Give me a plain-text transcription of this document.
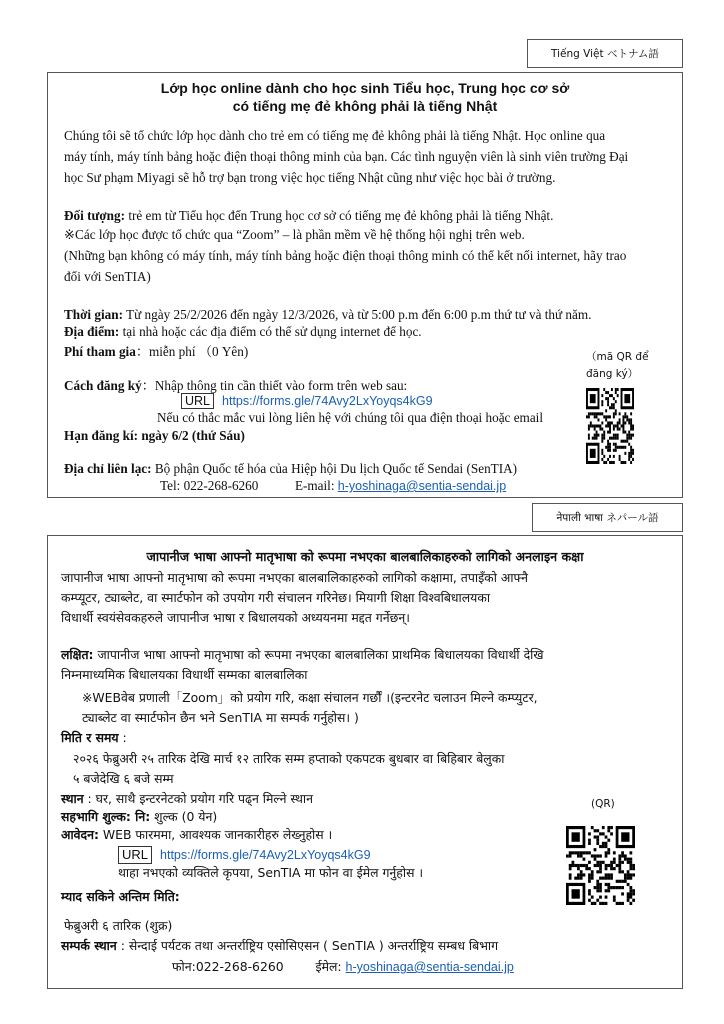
Tiếng Việt ベトナム語
Lớp học online dành cho học sinh Tiểu học, Trung học cơ sở
có tiếng mẹ đẻ không phải là tiếng Nhật
Chúng tôi sẽ tổ chức lớp học dành cho trẻ em có tiếng mẹ đẻ không phải là tiếng Nhật. Học online qua
máy tính, máy tính bảng hoặc điện thoại thông minh của bạn. Các tình nguyện viên là sinh viên trường Đại
học Sư phạm Miyagi sẽ hỗ trợ bạn trong việc học tiếng Nhật cũng như việc học bài ở trường.
Đối tượng: trẻ em từ Tiểu học đến Trung học cơ sở có tiếng mẹ đẻ không phải là tiếng Nhật.
※Các lớp học được tổ chức qua “Zoom” – là phần mềm về hệ thống hội nghị trên web.
(Những bạn không có máy tính, máy tính bảng hoặc điện thoại thông minh có thể kết nối internet, hãy trao
đổi với SenTIA)
Thời gian: Từ ngày 25/2/2026 đến ngày 12/3/2026, và từ 5:00 p.m đến 6:00 p.m thứ tư và thứ năm.
Địa điểm: tại nhà hoặc các địa điểm có thể sử dụng internet để học.
Phí tham gia：miễn phí （0 Yên)
Cách đăng ký：Nhập thông tin cần thiết vào form trên web sau:
URL https://forms.gle/74Avy2LxYoyqs4kG9
Nếu có thắc mắc vui lòng liên hệ với chúng tôi qua điện thoại hoặc email
Hạn đăng kí: ngày 6/2 (thứ Sáu)
Địa chỉ liên lạc: Bộ phận Quốc tế hóa của Hiệp hội Du lịch Quốc tế Sendai (SenTIA)
Tel: 022-268-6260	E-mail: h-yoshinaga@sentia-sendai.jp
（mã QR để
đăng ký）
नेपाली भाषा ネパール語
जापानीज भाषा आफ्नो मातृभाषा को रूपमा नभएका बालबालिकाहरुको लागिको अनलाइन कक्षा
जापानीज भाषा आफ्नो मातृभाषा को रूपमा नभएका बालबालिकाहरुको लागिको कक्षामा, तपाइँको आफ्नै
कम्प्यूटर, ट्याब्लेट, वा स्मार्टफोन को उपयोग गरी संचालन गरिनेछ। मियागी शिक्षा विश्वबिधालयका
विधार्थी स्वयंसेवकहरुले जापानीज भाषा र बिधालयको अध्ययनमा मद्दत गर्नेछन्।
लक्षित: जापानीज भाषा आफ्नो मातृभाषा को रूपमा नभएका बालबालिका प्राथमिक बिधालयका विधार्थी देखि
निम्नमाध्यमिक बिधालयका विधार्थी सम्मका बालबालिका
※WEBवेब प्रणाली「Zoom」को प्रयोग गरि, कक्षा संचालन गर्छौं ।(इन्टरनेट चलाउन मिल्ने कम्प्युटर,
ट्याब्लेट वा स्मार्टफोन छैन भने SenTIA मा सम्पर्क गर्नुहोस। )
मिति र समय :
२०२६ फेब्रुअरी २५ तारिक देखि मार्च १२ तारिक सम्म हप्ताको एकपटक बुधबार वा बिहिबार बेलुका
५ बजेदेखि ६ बजे सम्म
स्थान : घर, साथै इन्टरनेटको प्रयोग गरि पढ्न मिल्ने स्थान
सहभागि शुल्क: नि: शुल्क (0 येन)
आवेदन: WEB फारममा, आवश्यक जानकारीहरु लेख्नुहोस ।
URL https://forms.gle/74Avy2LxYoyqs4kG9
थाहा नभएको व्यक्तिले कृपया, SenTIA मा फोन वा ईमेल गर्नुहोस ।
म्याद सकिने अन्तिम मिति:
फेब्रुअरी ६ तारिक (शुक्र)
सम्पर्क स्थान : सेन्दाई पर्यटक तथा अन्तर्राष्ट्रिय एसोसिएसन ( SenTIA ) अन्तर्राष्ट्रिय सम्बध बिभाग
फोन:022-268-6260	ईमेल: h-yoshinaga@sentia-sendai.jp
(QR)
